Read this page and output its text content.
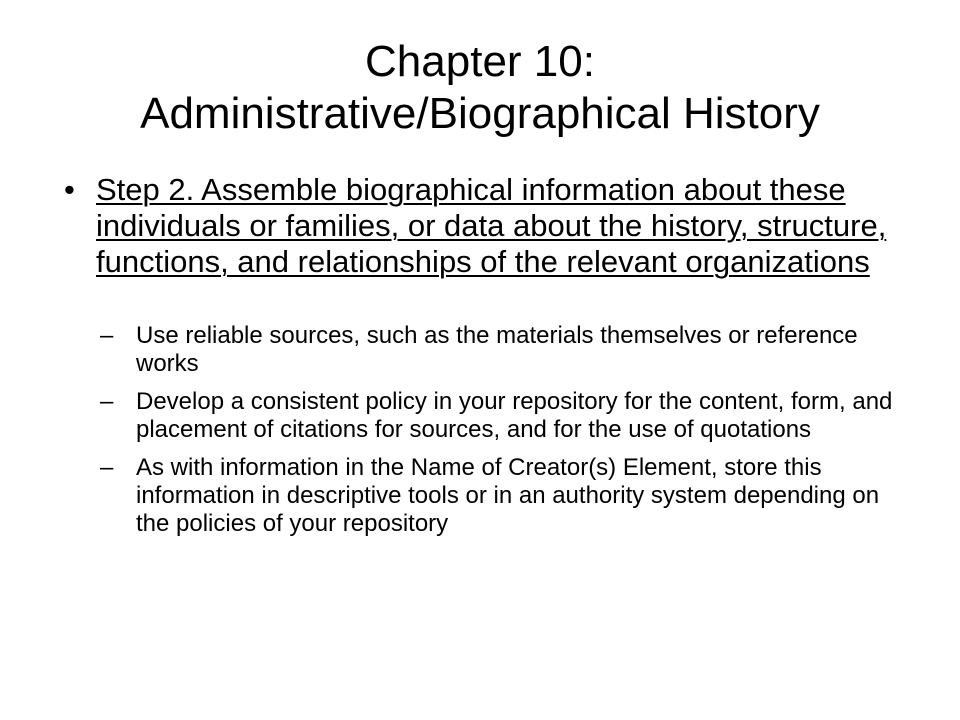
Chapter 10:
Administrative/Biographical History
• Step 2. Assemble biographical information about these individuals or families, or data about the history, structure, functions, and relationships of the relevant organizations
– Use reliable sources, such as the materials themselves or reference works
– Develop a consistent policy in your repository for the content, form, and placement of citations for sources, and for the use of quotations
– As with information in the Name of Creator(s) Element, store this information in descriptive tools or in an authority system depending on the policies of your repository
